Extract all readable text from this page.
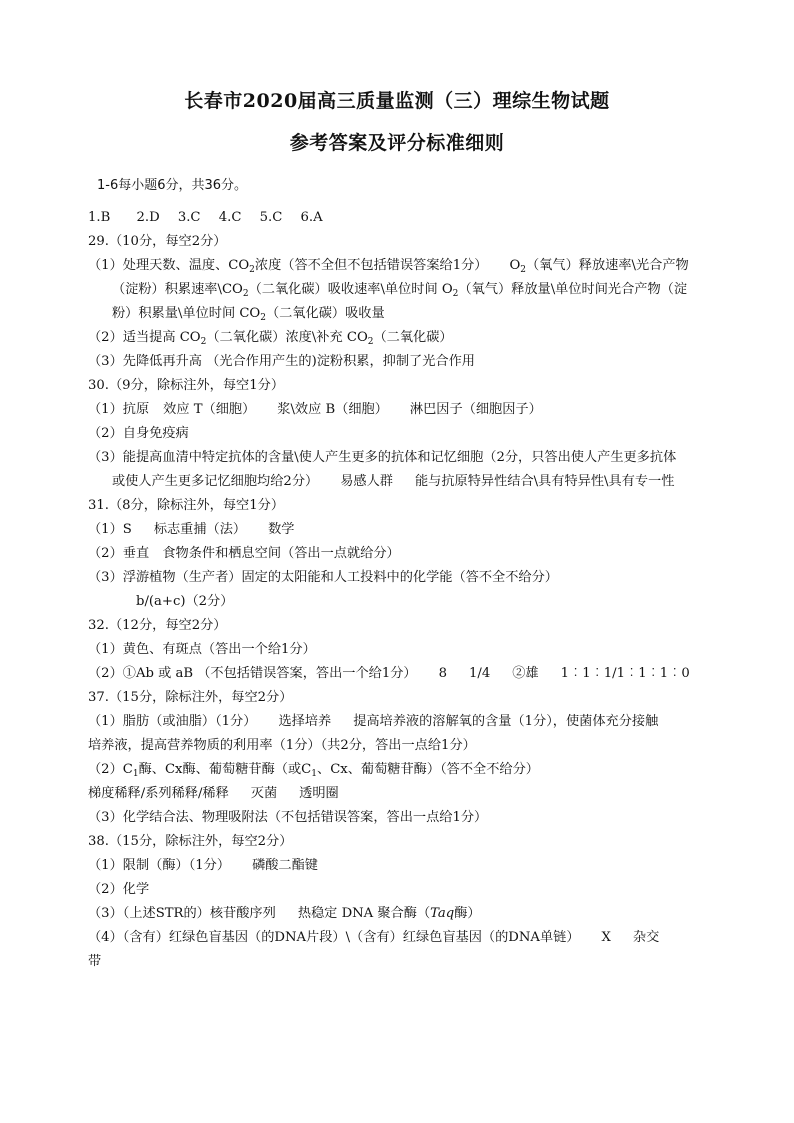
长春市2020届高三质量监测（三）理综生物试题
参考答案及评分标准细则
1-6每小题6分，共36分。
1.B 2.D 3.C 4.C 5.C 6.A
29.（10分，每空2分）
（1）处理天数、温度、$CO_2$浓度（答不全但不包括错误答案给1分） $O_2$（氧气）释放速率\光合产物
（淀粉）积累速率$\backslash CO_2$（二氧化碳）吸收速率\单位时间 $O_2$（氧气）释放量\单位时间光合产物（淀
粉）积累量\单位时间 $CO_2$（二氧化碳）吸收量
（2）适当提高 $CO_2$（二氧化碳）浓度\补充 $CO_2$（二氧化碳）
（3）先降低再升高 （光合作用产生的)淀粉积累，抑制了光合作用
30.（9分，除标注外，每空1分）
（1）抗原 效应 T（细胞） 浆\效应 B（细胞） 淋巴因子（细胞因子）
（2）自身免疫病
（3）能提高血清中特定抗体的含量\使人产生更多的抗体和记忆细胞（2分，只答出使人产生更多抗体
或使人产生更多记忆细胞均给2分） 易感人群 能与抗原特异性结合\具有特异性\具有专一性
31.（8分，除标注外，每空1分）
（1）S 标志重捕（法） 数学
（2）垂直　食物条件和栖息空间（答出一点就给分）
（3）浮游植物（生产者）固定的太阳能和人工投料中的化学能（答不全不给分）
b/(a+c)（2分）
32.（12分，每空2分）
（1）黄色、有斑点（答出一个给1分）
（2）①Ab 或 aB （不包括错误答案，答出一个给1分） 8 1/4 ②雄 1︰1︰1/1︰1︰1︰0
37.（15分，除标注外，每空2分）
（1）脂肪（或油脂）（1分） 选择培养 提高培养液的溶解氧的含量（1分），使菌体充分接触
培养液，提高营养物质的利用率（1分）（共2分，答出一点给1分）
$(2)C_1$酶、Cx酶、葡萄糖苷酶（或$C_1$、Cx、葡萄糖苷酶）（答不全不给分）
梯度稀释/系列稀释/稀释 灭菌 透明圈
（3）化学结合法、物理吸附法（不包括错误答案，答出一点给1分）
38.（15分，除标注外，每空2分）
（1）限制（酶）（1分） 磷酸二酯键
（2）化学
（3）（上述STR的）核苷酸序列 热稳定 DNA 聚合酶（Taq酶）
（4）（含有）红绿色盲基因（的DNA片段）\（含有）红绿色盲基因（的DNA单链） X 杂交
带
